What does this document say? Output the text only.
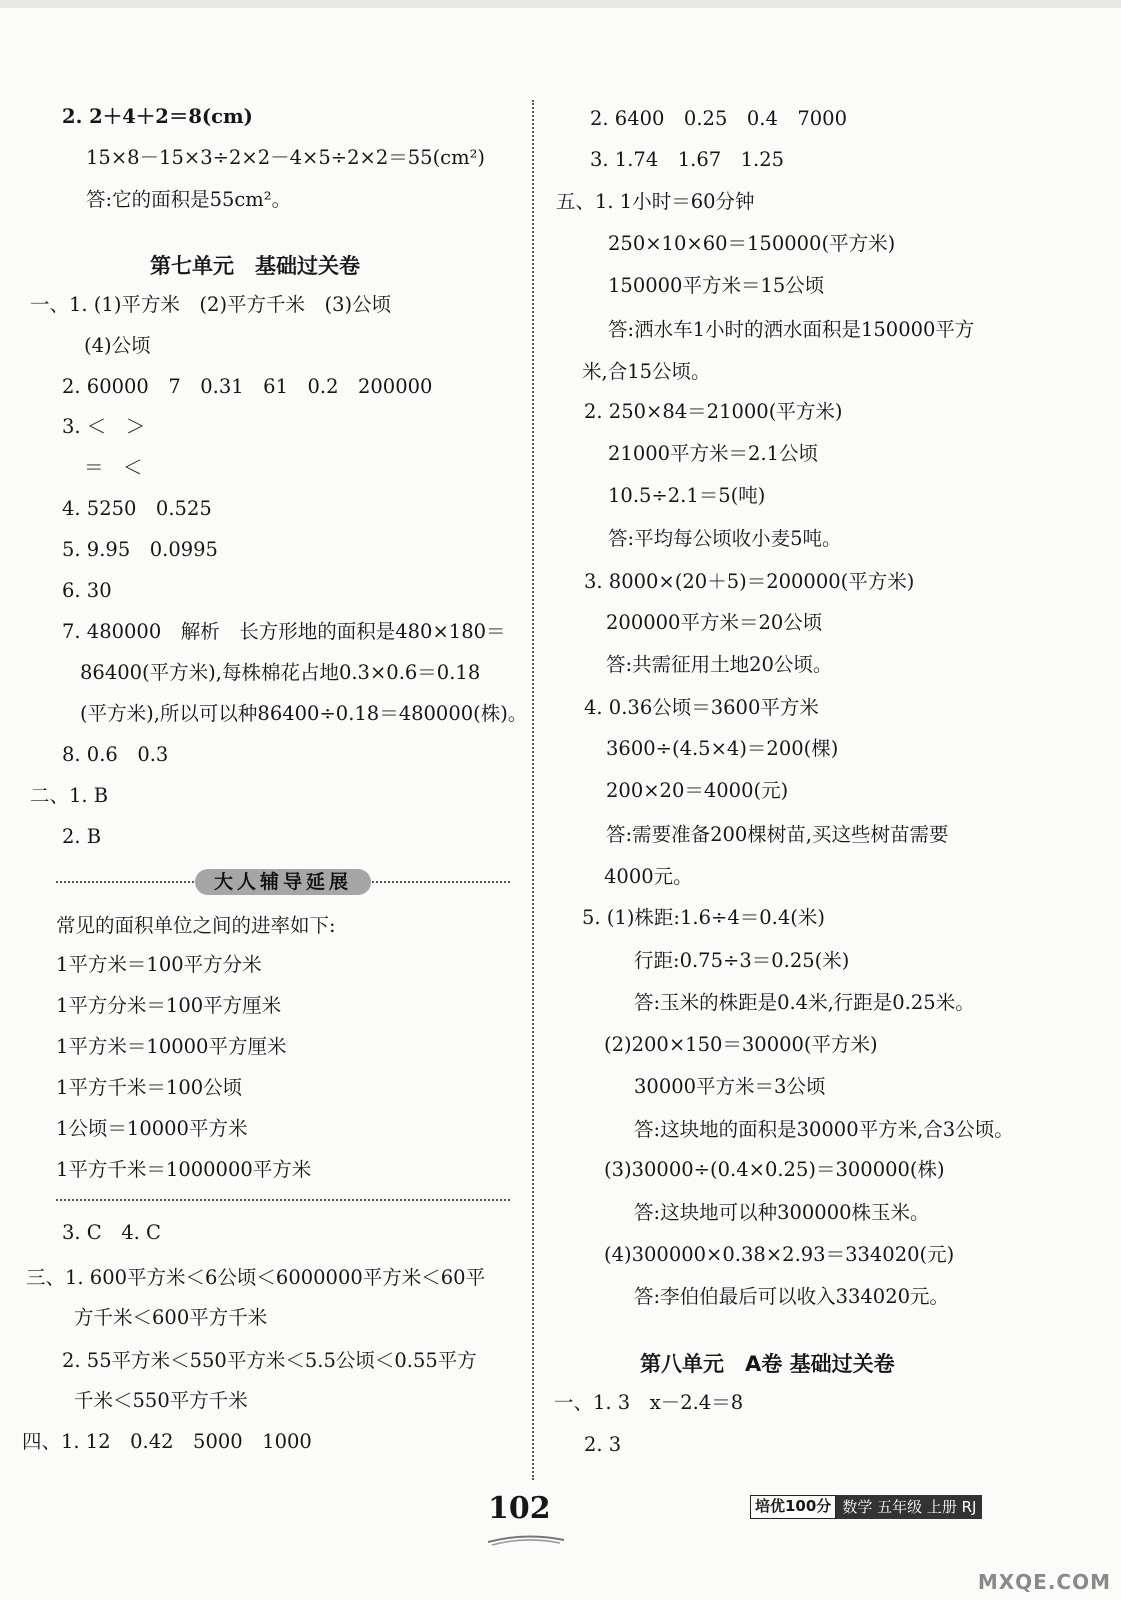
2. 2＋4＋2＝8(cm)
15×8－15×3÷2×2－4×5÷2×2＝55(cm²)
答:它的面积是55cm²。
第七单元　基础过关卷
一、1. (1)平方米　(2)平方千米　(3)公顷
(4)公顷
2. 60000　7　0.31　61　0.2　200000
3. ＜　＞
＝　＜
4. 5250　0.525
5. 9.95　0.0995
6. 30
7. 480000　解析　长方形地的面积是480×180＝
86400(平方米),每株棉花占地0.3×0.6＝0.18
(平方米),所以可以种86400÷0.18＝480000(株)。
8. 0.6　0.3
二、1. B
2. B
大人辅导延展
常见的面积单位之间的进率如下:
1平方米＝100平方分米
1平方分米＝100平方厘米
1平方米＝10000平方厘米
1平方千米＝100公顷
1公顷＝10000平方米
1平方千米＝1000000平方米
3. C　4. C
三、1. 600平方米＜6公顷＜6000000平方米＜60平
方千米＜600平方千米
2. 55平方米＜550平方米＜5.5公顷＜0.55平方
千米＜550平方千米
四、1. 12　0.42　5000　1000
2. 6400　0.25　0.4　7000
3. 1.74　1.67　1.25
五、1. 1小时＝60分钟
250×10×60＝150000(平方米)
150000平方米＝15公顷
答:洒水车1小时的洒水面积是150000平方
米,合15公顷。
2. 250×84＝21000(平方米)
21000平方米＝2.1公顷
10.5÷2.1＝5(吨)
答:平均每公顷收小麦5吨。
3. 8000×(20＋5)＝200000(平方米)
200000平方米＝20公顷
答:共需征用土地20公顷。
4. 0.36公顷＝3600平方米
3600÷(4.5×4)＝200(棵)
200×20＝4000(元)
答:需要准备200棵树苗,买这些树苗需要
4000元。
5. (1)株距:1.6÷4＝0.4(米)
行距:0.75÷3＝0.25(米)
答:玉米的株距是0.4米,行距是0.25米。
(2)200×150＝30000(平方米)
30000平方米＝3公顷
答:这块地的面积是30000平方米,合3公顷。
(3)30000÷(0.4×0.25)＝300000(株)
答:这块地可以种300000株玉米。
(4)300000×0.38×2.93＝334020(元)
答:李伯伯最后可以收入334020元。
第八单元　A卷 基础过关卷
一、1. 3　x－2.4＝8
2. 3
102	培优100分 数学 五年级 上册 RJ
MXQE.COM
